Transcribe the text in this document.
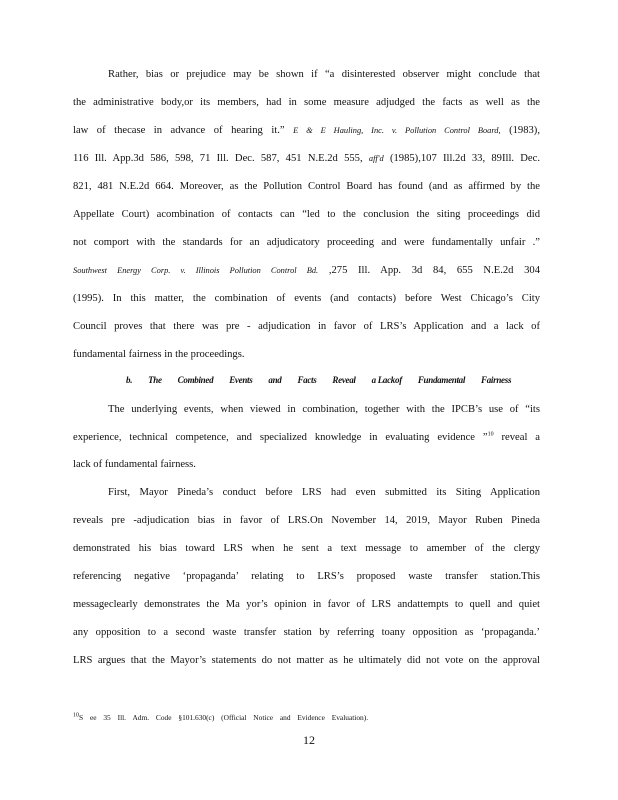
Rather, bias or prejudice may be shown if “a disinterested observer might conclude that
the administrative body,or its members, had in some measure adjudged the facts as well as the
law of thecase in advance of hearing it.” E & E Hauling, Inc. v. Pollution Control Board, (1983),
116 Ill. App.3d 586, 598, 71 Ill. Dec. 587, 451 N.E.2d 555, aff'd (1985),107 Ill.2d 33, 89Ill. Dec.
821, 481 N.E.2d 664. Moreover, as the Pollution Control Board has found (and as affirmed by the
Appellate Court) acombination of contacts can “led to the conclusion the siting proceedings did
not comport with the standards for an adjudicatory proceeding and were fundamentally unfair .”
Southwest Energy Corp. v. Illinois Pollution Control Bd. ,275 Ill. App. 3d 84, 655 N.E.2d 304
(1995). In this matter, the combination of events (and contacts) before West Chicago’s City
Council proves that there was pre - adjudication in favor of LRS’s Application and a lack of
fundamental fairness in the proceedings.
b. The Combined Events and Facts Reveal a Lackof Fundamental Fairness
The underlying events, when viewed in combination, together with the IPCB’s use of “its
experience, technical competence, and specialized knowledge in evaluating evidence ”$^{10}$ reveal a
lack of fundamental fairness.
First, Mayor Pineda’s conduct before LRS had even submitted its Siting Application
reveals pre -adjudication bias in favor of LRS.On November 14, 2019, Mayor Ruben Pineda
demonstrated his bias toward LRS when he sent a text message to amember of the clergy
referencing negative ‘propaganda’ relating to LRS’s proposed waste transfer station.This
messageclearly demonstrates the Ma yor’s opinion in favor of LRS andattempts to quell and quiet
any opposition to a second waste transfer station by referring toany opposition as ‘propaganda.’
LRS argues that the Mayor’s statements do not matter as he ultimately did not vote on the approval
$^{10}$S ee 35 Ill. Adm. Code §101.630(c) (Official Notice and Evidence Evaluation).
12
